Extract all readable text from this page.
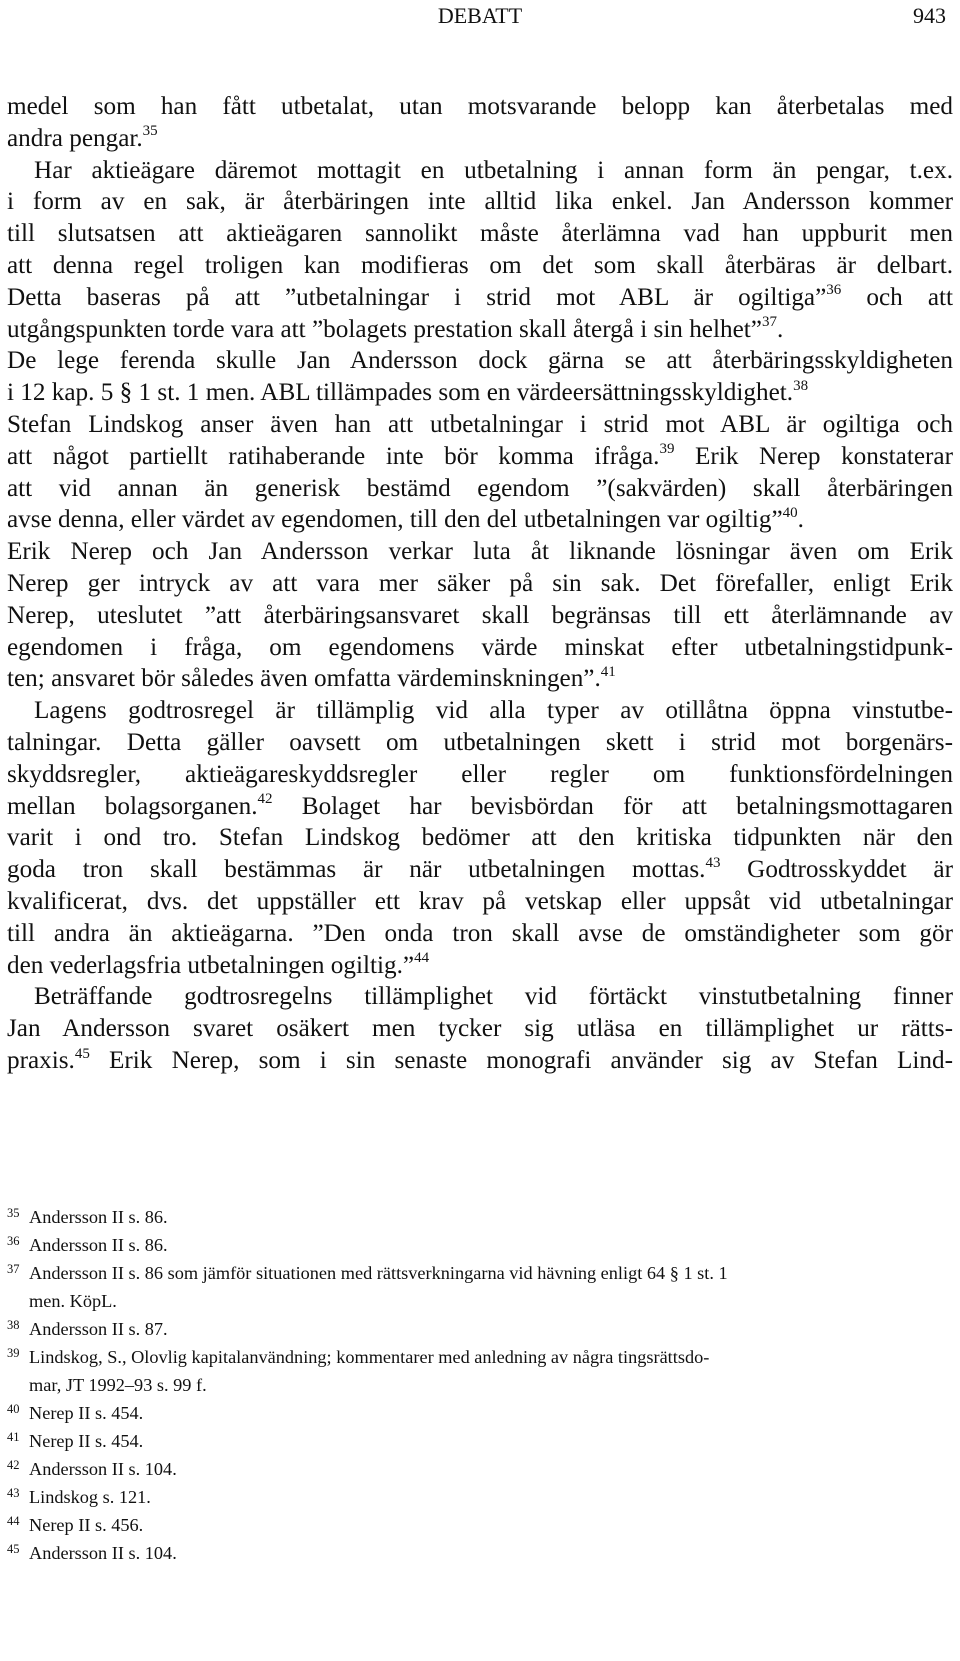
DEBATT	943
medel som han fått utbetalat, utan motsvarande belopp kan återbetalas med
andra pengar.$^{35}$
Har aktieägare däremot mottagit en utbetalning i annan form än pengar, t.ex.
i form av en sak, är återbäringen inte alltid lika enkel. Jan Andersson kommer
till slutsatsen att aktieägaren sannolikt måste återlämna vad han uppburit men
att denna regel troligen kan modifieras om det som skall återbäras är delbart.
Detta baseras på att ”utbetalningar i strid mot ABL är ogiltiga”$^{36}$ och att
utgångspunkten torde vara att ”bolagets prestation skall återgå i sin helhet”$^{37}$.
De lege ferenda skulle Jan Andersson dock gärna se att återbäringsskyldigheten
i 12 kap. 5 § 1 st. 1 men. ABL tillämpades som en värdeersättningsskyldighet.$^{38}$
Stefan Lindskog anser även han att utbetalningar i strid mot ABL är ogiltiga och
att något partiellt ratihaberande inte bör komma ifråga.$^{39}$ Erik Nerep konstaterar
att vid annan än generisk bestämd egendom ”(sakvärden) skall återbäringen
avse denna, eller värdet av egendomen, till den del utbetalningen var ogiltig”$^{40}$.
Erik Nerep och Jan Andersson verkar luta åt liknande lösningar även om Erik
Nerep ger intryck av att vara mer säker på sin sak. Det förefaller, enligt Erik
Nerep, uteslutet ”att återbäringsansvaret skall begränsas till ett återlämnande av
egendomen i fråga, om egendomens värde minskat efter utbetalningstidpunk-
ten; ansvaret bör således även omfatta värdeminskningen”.$^{41}$
Lagens godtrosregel är tillämplig vid alla typer av otillåtna öppna vinstutbe-
talningar. Detta gäller oavsett om utbetalningen skett i strid mot borgenärs-
skyddsregler, aktieägareskyddsregler eller regler om funktionsfördelningen
mellan bolagsorganen.$^{42}$ Bolaget har bevisbördan för att betalningsmottagaren
varit i ond tro. Stefan Lindskog bedömer att den kritiska tidpunkten när den
goda tron skall bestämmas är när utbetalningen mottas.$^{43}$ Godtrosskyddet är
kvalificerat, dvs. det uppställer ett krav på vetskap eller uppsåt vid utbetalningar
till andra än aktieägarna. ”Den onda tron skall avse de omständigheter som gör
den vederlagsfria utbetalningen ogiltig.”$^{44}$
Beträffande godtrosregelns tillämplighet vid förtäckt vinstutbetalning finner
Jan Andersson svaret osäkert men tycker sig utläsa en tillämplighet ur rätts-
praxis.$^{45}$ Erik Nerep, som i sin senaste monografi använder sig av Stefan Lind-
35 Andersson II s. 86.
36 Andersson II s. 86.
37 Andersson II s. 86 som jämför situationen med rättsverkningarna vid hävning enligt 64 § 1 st. 1
men. KöpL.
38 Andersson II s. 87.
39 Lindskog, S., Olovlig kapitalanvändning; kommentarer med anledning av några tingsrättsdo-
mar, JT 1992–93 s. 99 f.
40 Nerep II s. 454.
41 Nerep II s. 454.
42 Andersson II s. 104.
43 Lindskog s. 121.
44 Nerep II s. 456.
45 Andersson II s. 104.
